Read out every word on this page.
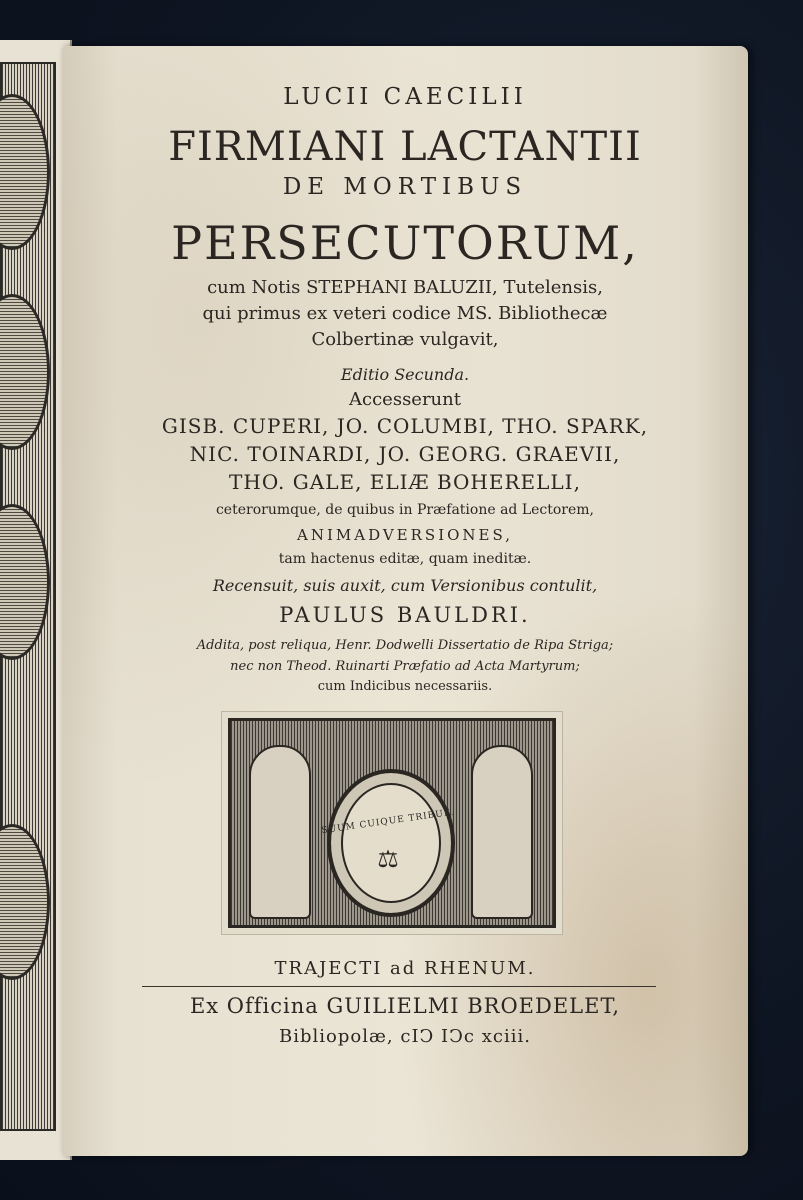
LUCII CAECILII
FIRMIANI LACTANTII
DE MORTIBUS
PERSECUTORUM,
cum Notis STEPHANI BALUZII, Tutelensis,
qui primus ex veteri codice MS. Bibliothecæ
Colbertinæ vulgavit,
Editio Secunda.
Accesserunt
GISB. CUPERI, JO. COLUMBI, THO. SPARK,
NIC. TOINARDI, JO. GEORG. GRAEVII,
THO. GALE, ELIÆ BOHERELLI,
ceterorumque, de quibus in Præfatione ad Lectorem,
ANIMADVERSIONES,
tam hactenus editæ, quam ineditæ.
Recensuit, suis auxit, cum Versionibus contulit,
PAULUS BAULDRI.
Addita, post reliqua, Henr. Dodwelli Dissertatio de Ripa Striga;
nec non Theod. Ruinarti Præfatio ad Acta Martyrum;
cum Indicibus necessariis.
SUUM CUIQUE TRIBUE.
⚖
TRAJECTI ad RHENUM.
Ex Officina GUILIELMI BROEDELET,
Bibliopolæ, cIↃ IↃc xciii.
